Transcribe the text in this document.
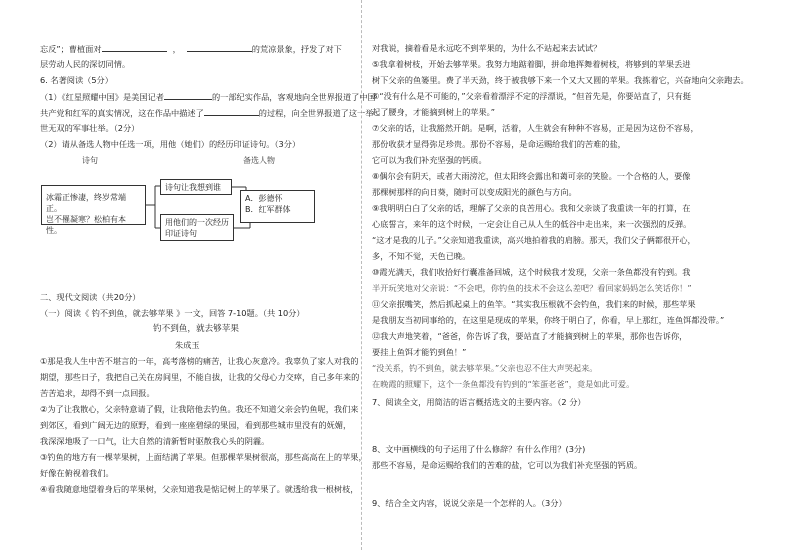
忘反”；曹植面对	，	的荒凉景象，抒发了对下
层劳动人民的深切同情。
6. 名著阅读（5分）
（1）《红星照耀中国》是美国记者	的一部纪实作品，客观地向全世界报道了中国
共产党和红军的真实情况，这在作品中描述了	的过程，向全世界报道了这一举
世无双的军事壮举。（2分）
（2）请从备选人物中任选一项，用他（她们）的经历印证诗句。（3分）
诗句	备选人物
冰霜正惨凄，终岁常端正。
岂不罹凝寒？松柏有本性。
诗句让我想到谁
用他们的一次经历
印证诗句
A．彭德怀
B．红军群体
二、现代文阅读（共20分）
（一）阅读《 钓不到鱼，就去够苹果 》一文，回答 7-10题。（共 10分）
钓不到鱼，就去够苹果
朱成玉
①那是我人生中苦不堪言的一年，高考落榜的痛苦，让我心灰意冷。我辜负了家人对我的
期望，那些日子，我把自己关在房间里，不能自拔，让我的父母心力交瘁，自己多年来的
苦苦追求，却得不到一点回报。
②为了让我散心，父亲特意请了假，让我陪他去钓鱼。我还不知道父亲会钓鱼呢，我们来
到郊区，看到广阔无边的原野，看到一座座碧绿的果园，看到那些城市里没有的妩媚，
我深深地吸了一口气，让大自然的清新暂时驱散我心头的阴霾。
③钓鱼的地方有一棵苹果树，上面结满了苹果。但那棵苹果树很高，那些高高在上的苹果，
好像在俯视着我们。
④看我随意地望着身后的苹果树，父亲知道我是惦记树上的苹果了。就透给我一根树枝，
对我说，摘着看是永远吃不到苹果的，为什么不站起来去试试？
⑤我拿着树枝，开始去够苹果。我努力地踮着脚，拼命地挥舞着树枝，将够到的苹果丢进
树下父亲的鱼篓里。费了半天劲，终于被我够下来一个又大又圆的苹果。我拣着它，兴奋地向父亲跑去。
⑥“没有什么是不可能的，”父亲看着漂浮不定的浮漂说，“但首先是，你要站直了，只有挺
起了腰身，才能摘到树上的苹果。”
⑦父亲的话，让我豁然开朗。是啊，活着，人生就会有种种不容易，正是因为这份不容易，
那份收获才显得弥足珍贵。那份不容易，是命运赐给我们的苦难的盐，
它可以为我们补充坚强的钙质。
⑧偶尔会有阴天，或者大雨滂沱，但太阳终会露出和蔼可亲的笑脸。一个合格的人，要像
那棵树那样的向日葵，随时可以变成阳光的颜色与方向。
⑨我明明白白了父亲的话，理解了父亲的良苦用心。我和父亲谈了我重读一年的打算，在
心底誓言，来年的这个时候，一定会让自己从人生的低谷中走出来，来一次强烈的反弹。
“这才是我的儿子。”父亲知道我重读，高兴地拍着我的肩膀。那天，我们父子俩都很开心，
多，不知不觉，天色已晚。
⑩霞光满天，我们收拾好行囊准备回城，这个时候我才发现，父亲一条鱼都没有钓到。我
半开玩笑地对父亲说：“不会吧，你钓鱼的技术不会这么差吧？看回家妈妈怎么笑话你！”
⑪父亲抿嘴笑，然后抓起桌上的鱼竿。“其实我压根就不会钓鱼，我们来的时候，那些苹果
是我朋友当初同事给的，在这里是现成的苹果，你终于明白了，你看，早上那红，连鱼饵都没带。”
⑫我大声地笑着，“爸爸，你告诉了我，要站直了才能摘到树上的苹果，那你也告诉你，
要挂上鱼饵才能钓到鱼！”
“没关系，钓不到鱼，就去够苹果。”父亲也忍不住大声哭起来。
在晚霞的照耀下，这个一条鱼都没有钓到的“笨蛋老爸”，竟是如此可爱。
7、阅读全文，用简洁的语言概括选文的主要内容。（2 分）
8、文中画横线的句子运用了什么修辞？有什么作用？(3分)
那些不容易，是命运赐给我们的苦难的盐，它可以为我们补充坚强的钙质。
9、结合全文内容，说说父亲是一个怎样的人。（3分）
